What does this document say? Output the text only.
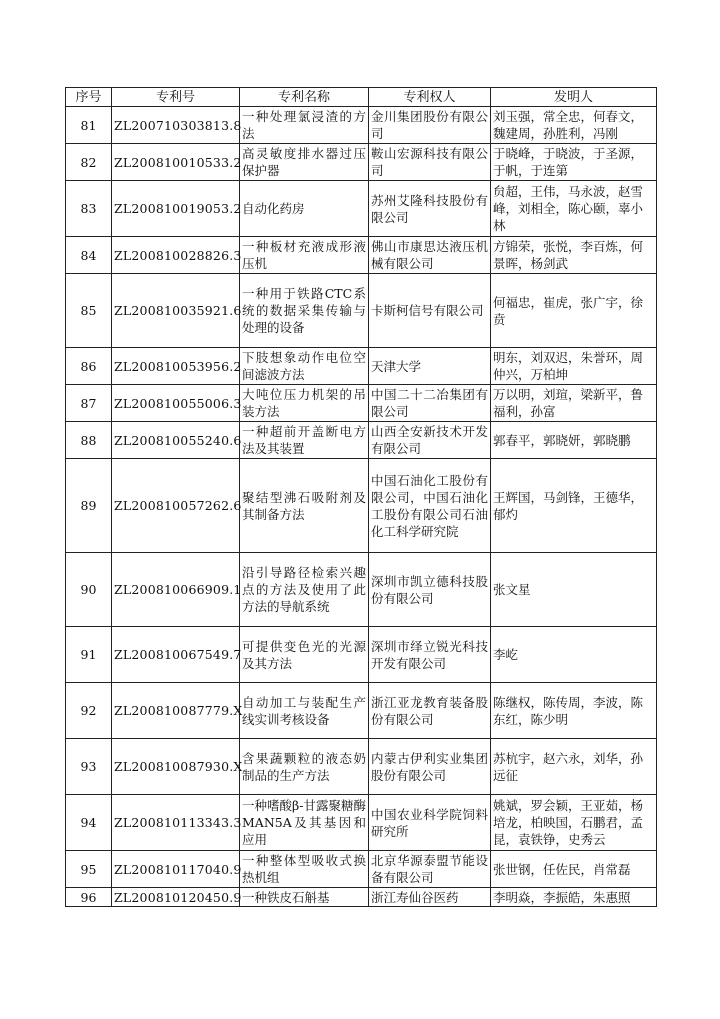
序号	专利号	专利名称	专利权人	发明人
81	ZL200710303813.8	一种处理氯浸渣的方法	金川集团股份有限公司	刘玉强，常全忠，何春文，魏建周，孙胜利，冯刚
82	ZL200810010533.2	高灵敏度排水器过压保护器	鞍山宏源科技有限公司	于晓峰，于晓波，于圣源，于帆，于连第
83	ZL200810019053.2	自动化药房	苏州艾隆科技股份有限公司	贠超，王伟，马永波，赵雪峰，刘相全，陈心颐，辜小林
84	ZL200810028826.3	一种板材充液成形液压机	佛山市康思达液压机械有限公司	方锦荣，张悦，李百炼，何景晖，杨剑武
85	ZL200810035921.6	一种用于铁路CTC系统的数据采集传输与处理的设备	卡斯柯信号有限公司	何福忠，崔虎，张广宇，徐贲
86	ZL200810053956.2	下肢想象动作电位空间滤波方法	天津大学	明东，刘双迟，朱誉环，周仲兴，万柏坤
87	ZL200810055006.3	大吨位压力机架的吊装方法	中国二十二冶集团有限公司	万以明，刘瑄，梁新平，鲁福利，孙富
88	ZL200810055240.6	一种超前开盖断电方法及其装置	山西全安新技术开发有限公司	郭春平，郭晓妍，郭晓鹏
89	ZL200810057262.6	聚结型沸石吸附剂及其制备方法	中国石油化工股份有限公司，中国石油化工股份有限公司石油化工科学研究院	王辉国，马剑锋，王德华，郁灼
90	ZL200810066909.1	沿引导路径检索兴趣点的方法及使用了此方法的导航系统	深圳市凯立德科技股份有限公司	张文星
91	ZL200810067549.7	可提供变色光的光源及其方法	深圳市绎立锐光科技开发有限公司	李屹
92	ZL200810087779.X	自动加工与装配生产线实训考核设备	浙江亚龙教育装备股份有限公司	陈继权，陈传周，李波，陈东红，陈少明
93	ZL200810087930.X	含果蔬颗粒的液态奶制品的生产方法	内蒙古伊利实业集团股份有限公司	苏杭宇，赵六永，刘华，孙远征
94	ZL200810113343.3	一种嗜酸β-甘露聚糖酶MAN5A及其基因和应用	中国农业科学院饲料研究所	姚斌，罗会颖，王亚茹，杨培龙，柏映国，石鹏君，孟昆，袁铁铮，史秀云
95	ZL200810117040.9	一种整体型吸收式换热机组	北京华源泰盟节能设备有限公司	张世钢，任佐民，肖常磊
96	ZL200810120450.9	一种铁皮石斛基	浙江寿仙谷医药	李明焱，李振皓，朱惠照
